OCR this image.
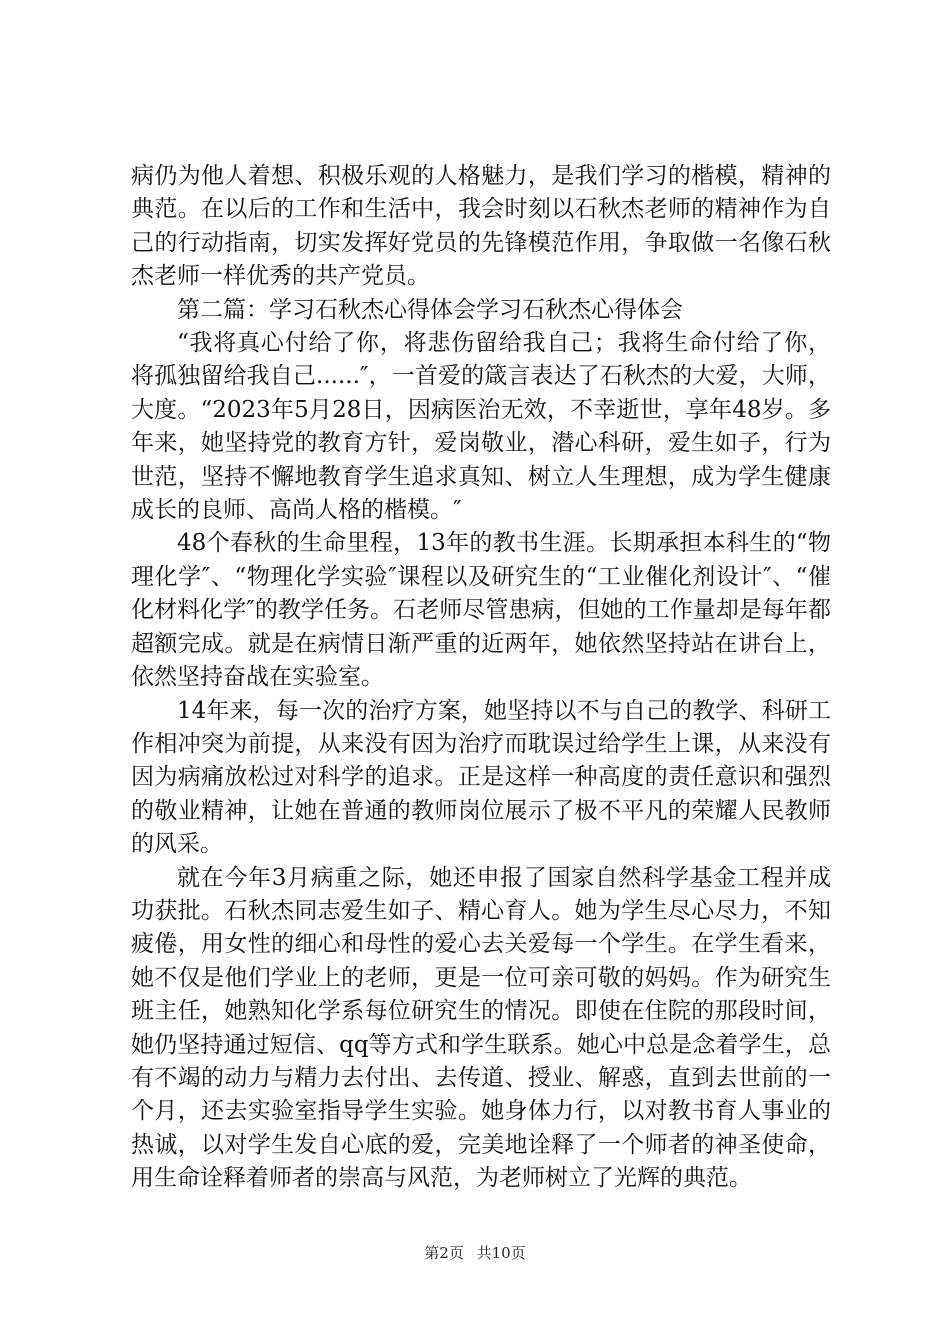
病仍为他人着想、积极乐观的人格魅力，是我们学习的楷模，精神的典范。在以后的工作和生活中，我会时刻以石秋杰老师的精神作为自己的行动指南，切实发挥好党员的先锋模范作用，争取做一名像石秋杰老师一样优秀的共产党员。

第二篇：学习石秋杰心得体会学习石秋杰心得体会

“我将真心付给了你，将悲伤留给我自己；我将生命付给了你，将孤独留给我自己......″，一首爱的箴言表达了石秋杰的大爱，大师，大度。“2023年5月28日，因病医治无效，不幸逝世，享年48岁。多年来，她坚持党的教育方针，爱岗敬业，潜心科研，爱生如子，行为世范，坚持不懈地教育学生追求真知、树立人生理想，成为学生健康成长的良师、高尚人格的楷模。″

48个春秋的生命里程，13年的教书生涯。长期承担本科生的“物理化学″、“物理化学实验″课程以及研究生的“工业催化剂设计″、“催化材料化学″的教学任务。石老师尽管患病，但她的工作量却是每年都超额完成。就是在病情日渐严重的近两年，她依然坚持站在讲台上，依然坚持奋战在实验室。

14年来，每一次的治疗方案，她坚持以不与自己的教学、科研工作相冲突为前提，从来没有因为治疗而耽误过给学生上课，从来没有因为病痛放松过对科学的追求。正是这样一种高度的责任意识和强烈的敬业精神，让她在普通的教师岗位展示了极不平凡的荣耀人民教师的风采。

就在今年3月病重之际，她还申报了国家自然科学基金工程并成功获批。石秋杰同志爱生如子、精心育人。她为学生尽心尽力，不知疲倦，用女性的细心和母性的爱心去关爱每一个学生。在学生看来，她不仅是他们学业上的老师，更是一位可亲可敬的妈妈。作为研究生班主任，她熟知化学系每位研究生的情况。即使在住院的那段时间，她仍坚持通过短信、qq等方式和学生联系。她心中总是念着学生，总有不竭的动力与精力去付出、去传道、授业、解惑，直到去世前的一个月，还去实验室指导学生实验。她身体力行，以对教书育人事业的热诚，以对学生发自心底的爱，完美地诠释了一个师者的神圣使命，用生命诠释着师者的崇高与风范，为老师树立了光辉的典范。

第2页 共10页
